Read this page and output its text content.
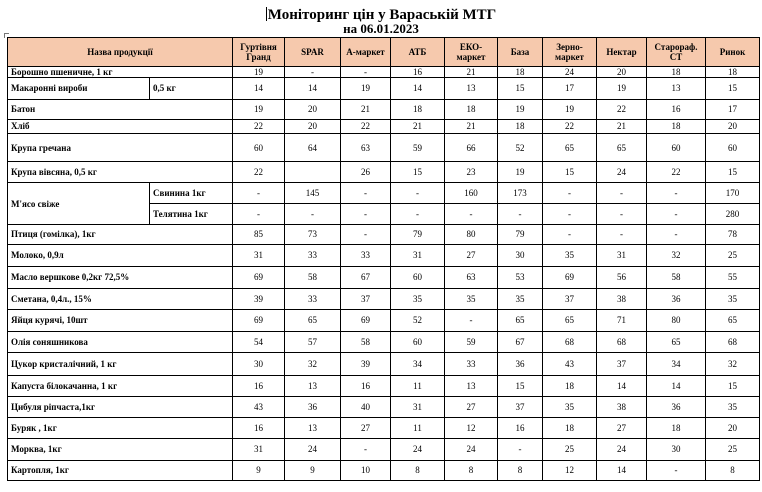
Моніторинг цін у Вараській МТГ
на 06.01.2023
Назва продукції		Гуртівня Гранд	SPAR	А-маркет	АТБ	ЕКО-маркет	База	Зерно-маркет	Нектар	Старораф. СТ	Ринок
Борошно пшеничне, 1 кг		19	-	-	16	21	18	24	20	18	18
Макаронні вироби	0,5 кг	14	14	19	14	13	15	17	19	13	15
Батон		19	20	21	18	18	19	19	22	16	17
Хліб		22	20	22	21	21	18	22	21	18	20
Крупа гречана		60	64	63	59	66	52	65	65	60	60
Крупа вівсяна, 0,5 кг		22		26	15	23	19	15	24	22	15
М'ясо свіже	Свинина 1кг	-	145	-	-	160	173	-	-	-	170
	Телятина 1кг	-	-	-	-	-	-	-	-	-	280
Птиця (гомілка), 1кг		85	73	-	79	80	79	-	-	-	78
Молоко, 0,9л		31	33	33	31	27	30	35	31	32	25
Масло вершкове 0,2кг 72,5%		69	58	67	60	63	53	69	56	58	55
Сметана, 0,4л., 15%		39	33	37	35	35	35	37	38	36	35
Яйця курячі, 10шт		69	65	69	52	-	65	65	71	80	65
Олія соняшникова		54	57	58	60	59	67	68	68	65	68
Цукор кристалічний, 1 кг		30	32	39	34	33	36	43	37	34	32
Капуста білокачанна, 1 кг		16	13	16	11	13	15	18	14	14	15
Цибуля ріпчаста,1кг		43	36	40	31	27	37	35	38	36	35
Буряк , 1кг		16	13	27	11	12	16	18	27	18	20
Морква, 1кг		31	24	-	24	24	-	25	24	30	25
Картопля, 1кг		9	9	10	8	8	8	12	14	-	8
